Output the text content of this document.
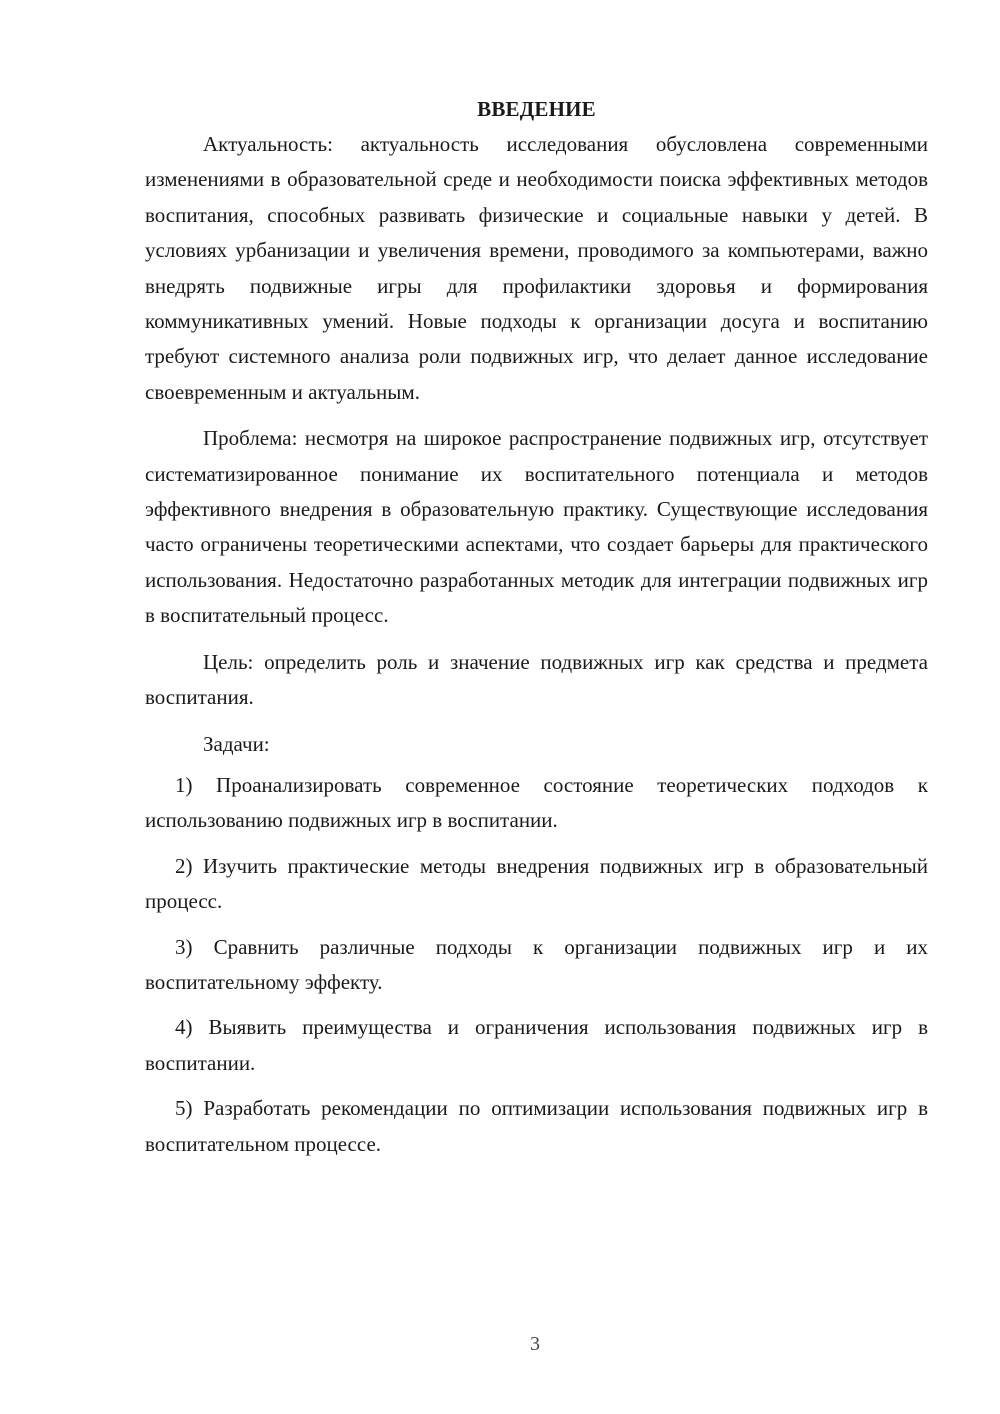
ВВЕДЕНИЕ

Актуальность: актуальность исследования обусловлена современными изменениями в образовательной среде и необходимости поиска эффективных методов воспитания, способных развивать физические и социальные навыки у детей. В условиях урбанизации и увеличения времени, проводимого за компьютерами, важно внедрять подвижные игры для профилактики здоровья и формирования коммуникативных умений. Новые подходы к организации досуга и воспитанию требуют системного анализа роли подвижных игр, что делает данное исследование своевременным и актуальным.

Проблема: несмотря на широкое распространение подвижных игр, отсутствует систематизированное понимание их воспитательного потенциала и методов эффективного внедрения в образовательную практику. Существующие исследования часто ограничены теоретическими аспектами, что создает барьеры для практического использования. Недостаточно разработанных методик для интеграции подвижных игр в воспитательный процесс.

Цель: определить роль и значение подвижных игр как средства и предмета воспитания.

Задачи:

1) Проанализировать современное состояние теоретических подходов к использованию подвижных игр в воспитании.

2) Изучить практические методы внедрения подвижных игр в образовательный процесс.

3) Сравнить различные подходы к организации подвижных игр и их воспитательному эффекту.

4) Выявить преимущества и ограничения использования подвижных игр в воспитании.

5) Разработать рекомендации по оптимизации использования подвижных игр в воспитательном процессе.

3
